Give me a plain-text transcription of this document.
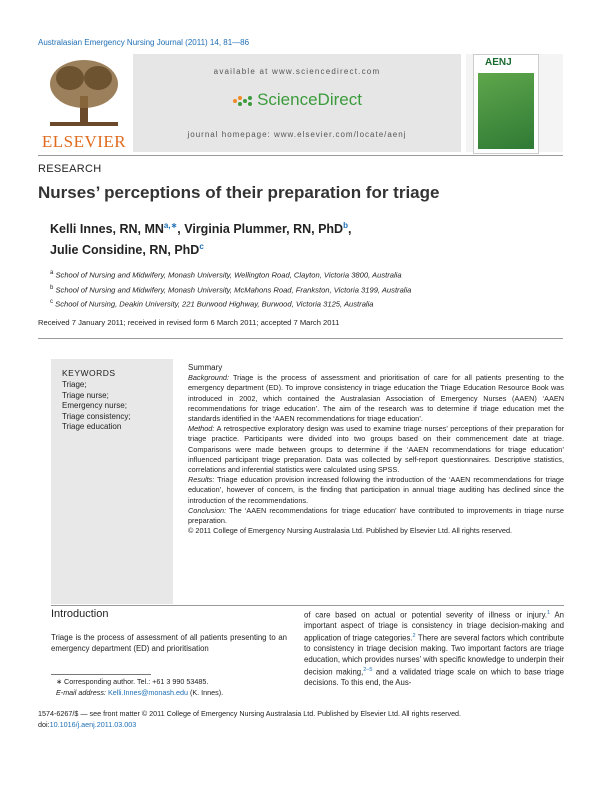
Australasian Emergency Nursing Journal (2011) 14, 81—86
ELSEVIER
available at www.sciencedirect.com
ScienceDirect
journal homepage: www.elsevier.com/locate/aenj
AENJ
RESEARCH
Nurses’ perceptions of their preparation for triage
Kelli Innes, RN, $MN^{a,∗}$, Virginia Plummer, RN, PhD$^b$,
Julie Considine, RN, PhD$^c$
$^a$ School of Nursing and Midwifery, Monash University, Wellington Road, Clayton, Victoria 3800, Australia
$^b$ School of Nursing and Midwifery, Monash University, McMahons Road, Frankston, Victoria 3199, Australia
$^c$ School of Nursing, Deakin University, 221 Burwood Highway, Burwood, Victoria 3125, Australia
Received 7 January 2011; received in revised form 6 March 2011; accepted 7 March 2011
KEYWORDS
Triage;
Triage nurse;
Emergency nurse;
Triage consistency;
Triage education

Summary

Background: Triage is the process of assessment and prioritisation of care for all patients presenting to the emergency department (ED). To improve consistency in triage education the Triage Education Resource Book was introduced in 2002, which contained the Australasian Association of Emergency Nurses (AAEN) ‘AAEN recommendations for triage education’. The aim of the research was to determine if triage education met the standards identified in the ‘AAEN recommendations for triage education’.

Method: A retrospective exploratory design was used to examine triage nurses’ perceptions of their preparation for triage practice. Participants were divided into two groups based on their commencement date at triage. Comparisons were made between groups to determine if the ‘AAEN recommendations for triage education’ influenced participant triage preparation. Data was collected by self-report questionnaires. Descriptive statistics, correlations and inferential statistics were calculated using SPSS.

Results: Triage education provision increased following the introduction of the ‘AAEN recommendations for triage education’, however of concern, is the finding that participation in annual triage auditing has declined since the introduction of the recommendations.

Conclusion: The ‘AAEN recommendations for triage education’ have contributed to improvements in triage nurse preparation.

© 2011 College of Emergency Nursing Australasia Ltd. Published by Elsevier Ltd. All rights reserved.

Introduction
Triage is the process of assessment of all patients presenting to an emergency department (ED) and prioritisation
of care based on actual or potential severity of illness or injury.$^1$ An important aspect of triage is consistency in triage decision-making and application of triage categories.$^2$ There are several factors which contribute to consistency in triage decision making. Two important factors are triage education, which provides nurses’ with specific knowledge to underpin their decision making,$^{2-5}$ and a validated triage scale on which to base triage decisions. To this end, the Aus-
∗ Corresponding author. Tel.: +61 3 990 53485.
E-mail address: Kelli.Innes@monash.edu (K. Innes).
1574-6267/$ — see front matter © 2011 College of Emergency Nursing Australasia Ltd. Published by Elsevier Ltd. All rights reserved.
doi:10.1016/j.aenj.2011.03.003
